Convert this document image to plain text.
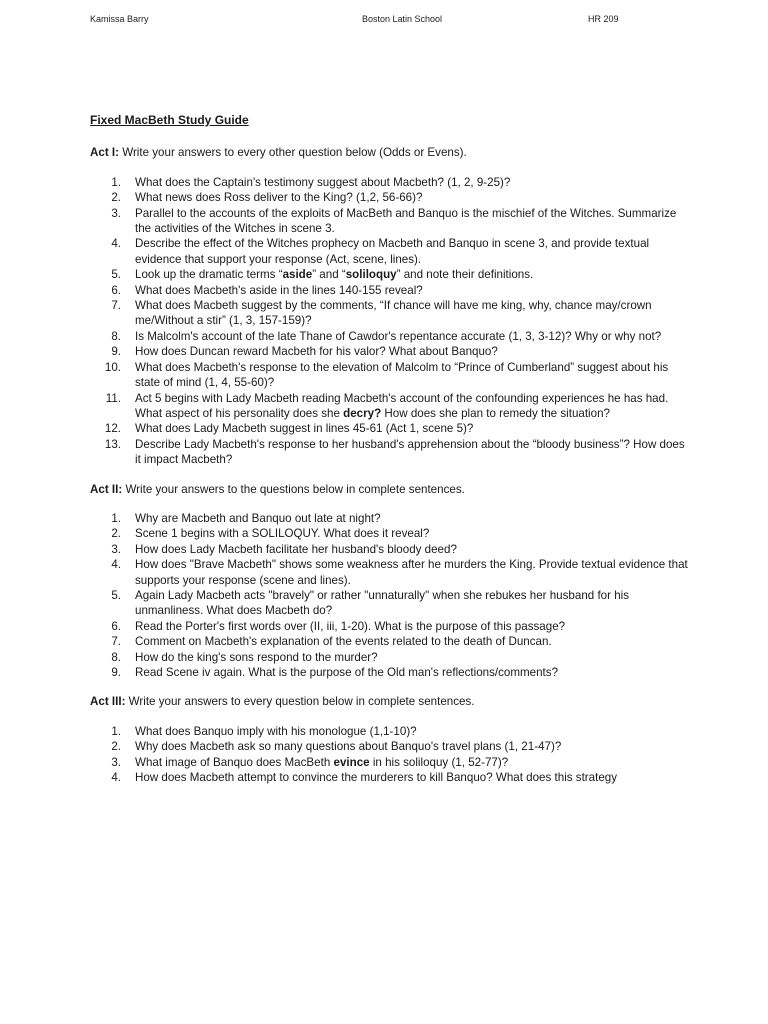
Kamissa Barry	Boston Latin School	HR 209
Fixed MacBeth Study Guide
Act I: Write your answers to every other question below (Odds or Evens).
1. What does the Captain's testimony suggest about Macbeth? (1, 2, 9-25)?
2. What news does Ross deliver to the King? (1,2, 56-66)?
3. Parallel to the accounts of the exploits of MacBeth and Banquo is the mischief of the Witches. Summarize the activities of the Witches in scene 3.
4. Describe the effect of the Witches prophecy on Macbeth and Banquo in scene 3, and provide textual evidence that support your response (Act, scene, lines).
5. Look up the dramatic terms “aside” and “soliloquy” and note their definitions.
6. What does Macbeth's aside in the lines 140-155 reveal?
7. What does Macbeth suggest by the comments, “If chance will have me king, why, chance may/crown me/Without a stir” (1, 3, 157-159)?
8. Is Malcolm's account of the late Thane of Cawdor's repentance accurate (1, 3, 3-12)? Why or why not?
9. How does Duncan reward Macbeth for his valor? What about Banquo?
10. What does Macbeth's response to the elevation of Malcolm to “Prince of Cumberland” suggest about his state of mind (1, 4, 55-60)?
11. Act 5 begins with Lady Macbeth reading Macbeth's account of the confounding experiences he has had. What aspect of his personality does she decry? How does she plan to remedy the situation?
12. What does Lady Macbeth suggest in lines 45-61 (Act 1, scene 5)?
13. Describe Lady Macbeth's response to her husband's apprehension about the “bloody business”? How does it impact Macbeth?
Act II: Write your answers to the questions below in complete sentences.
1. Why are Macbeth and Banquo out late at night?
2. Scene 1 begins with a SOLILOQUY. What does it reveal?
3. How does Lady Macbeth facilitate her husband's bloody deed?
4. How does "Brave Macbeth" shows some weakness after he murders the King. Provide textual evidence that supports your response (scene and lines).
5. Again Lady Macbeth acts "bravely" or rather "unnaturally" when she rebukes her husband for his unmanliness. What does Macbeth do?
6. Read the Porter's first words over (II, iii, 1-20). What is the purpose of this passage?
7. Comment on Macbeth's explanation of the events related to the death of Duncan.
8. How do the king's sons respond to the murder?
9. Read Scene iv again. What is the purpose of the Old man's reflections/comments?
Act III: Write your answers to every question below in complete sentences.
1. What does Banquo imply with his monologue (1,1-10)?
2. Why does Macbeth ask so many questions about Banquo's travel plans (1, 21-47)?
3. What image of Banquo does MacBeth evince in his soliloquy (1, 52-77)?
4. How does Macbeth attempt to convince the murderers to kill Banquo? What does this strategy
